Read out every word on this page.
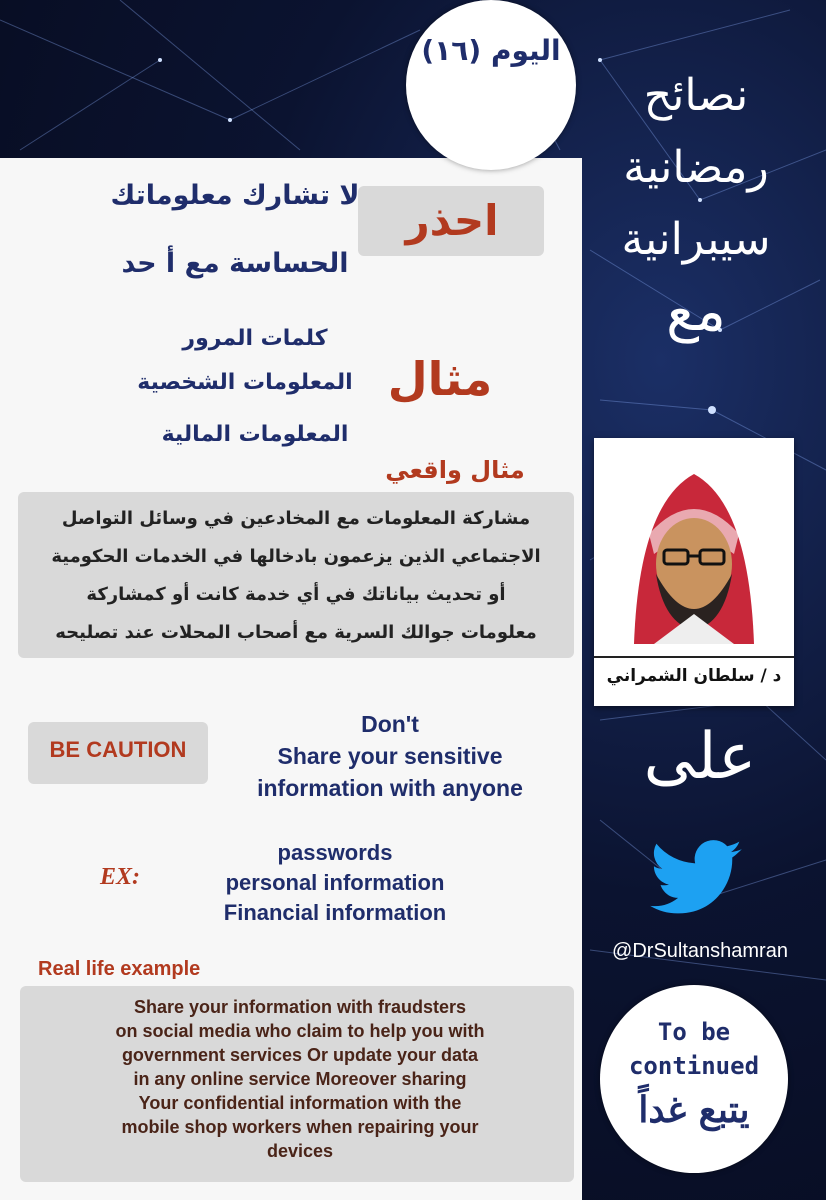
اليوم (١٦)
احذر
لا تشارك معلوماتك
الحساسة مع أ حد
مثال
كلمات المرور
المعلومات الشخصية
المعلومات المالية
مثال واقعي
مشاركة المعلومات مع المخادعين في وسائل التواصل
الاجتماعي الذين يزعمون بادخالها في الخدمات الحكومية
أو تحديث بياناتك في أي خدمة كانت أو كمشاركة
معلومات جوالك السرية مع أصحاب المحلات عند تصليحه
BE CAUTION
Don't
Share your sensitive
information with anyone
EX:
passwords
personal information
Financial information
Real life example
Share your information with fraudsters
on social media who claim to help you with
government services Or update your data
in any online service Moreover sharing
Your confidential information with the
mobile shop workers when repairing your
devices
نصائح
رمضانية
سيبرانية
مع
د / سلطان الشمراني
على
@DrSultanshamran
To be continued
يتبع غداً
